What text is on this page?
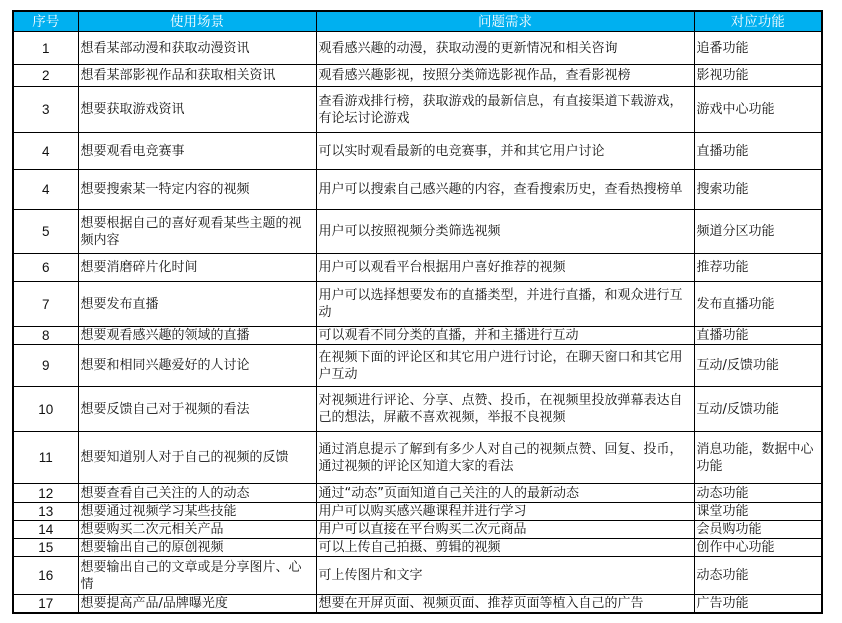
序号	使用场景	问题需求	对应功能
1	想看某部动漫和获取动漫资讯	观看感兴趣的动漫，获取动漫的更新情况和相关咨询	追番功能
2	想看某部影视作品和获取相关资讯	观看感兴趣影视，按照分类筛选影视作品，查看影视榜	影视功能
3	想要获取游戏资讯	查看游戏排行榜，获取游戏的最新信息，有直接渠道下载游戏，有论坛讨论游戏	游戏中心功能
4	想要观看电竞赛事	可以实时观看最新的电竞赛事，并和其它用户讨论	直播功能
4	想要搜索某一特定内容的视频	用户可以搜索自己感兴趣的内容，查看搜索历史，查看热搜榜单	搜索功能
5	想要根据自己的喜好观看某些主题的视频内容	用户可以按照视频分类筛选视频	频道分区功能
6	想要消磨碎片化时间	用户可以观看平台根据用户喜好推荐的视频	推荐功能
7	想要发布直播	用户可以选择想要发布的直播类型，并进行直播，和观众进行互动	发布直播功能
8	想要观看感兴趣的领域的直播	可以观看不同分类的直播，并和主播进行互动	直播功能
9	想要和相同兴趣爱好的人讨论	在视频下面的评论区和其它用户进行讨论，在聊天窗口和其它用户互动	互动/反馈功能
10	想要反馈自己对于视频的看法	对视频进行评论、分享、点赞、投币，在视频里投放弹幕表达自己的想法，屏蔽不喜欢视频，举报不良视频	互动/反馈功能
11	想要知道别人对于自己的视频的反馈	通过消息提示了解到有多少人对自己的视频点赞、回复、投币，通过视频的评论区知道大家的看法	消息功能，数据中心功能
12	想要查看自己关注的人的动态	通过“动态”页面知道自己关注的人的最新动态	动态功能
13	想要通过视频学习某些技能	用户可以购买感兴趣课程并进行学习	课堂功能
14	想要购买二次元相关产品	用户可以直接在平台购买二次元商品	会员购功能
15	想要输出自己的原创视频	可以上传自己拍摄、剪辑的视频	创作中心功能
16	想要输出自己的文章或是分享图片、心情	可上传图片和文字	动态功能
17	想要提高产品/品牌曝光度	想要在开屏页面、视频页面、推荐页面等植入自己的广告	广告功能
